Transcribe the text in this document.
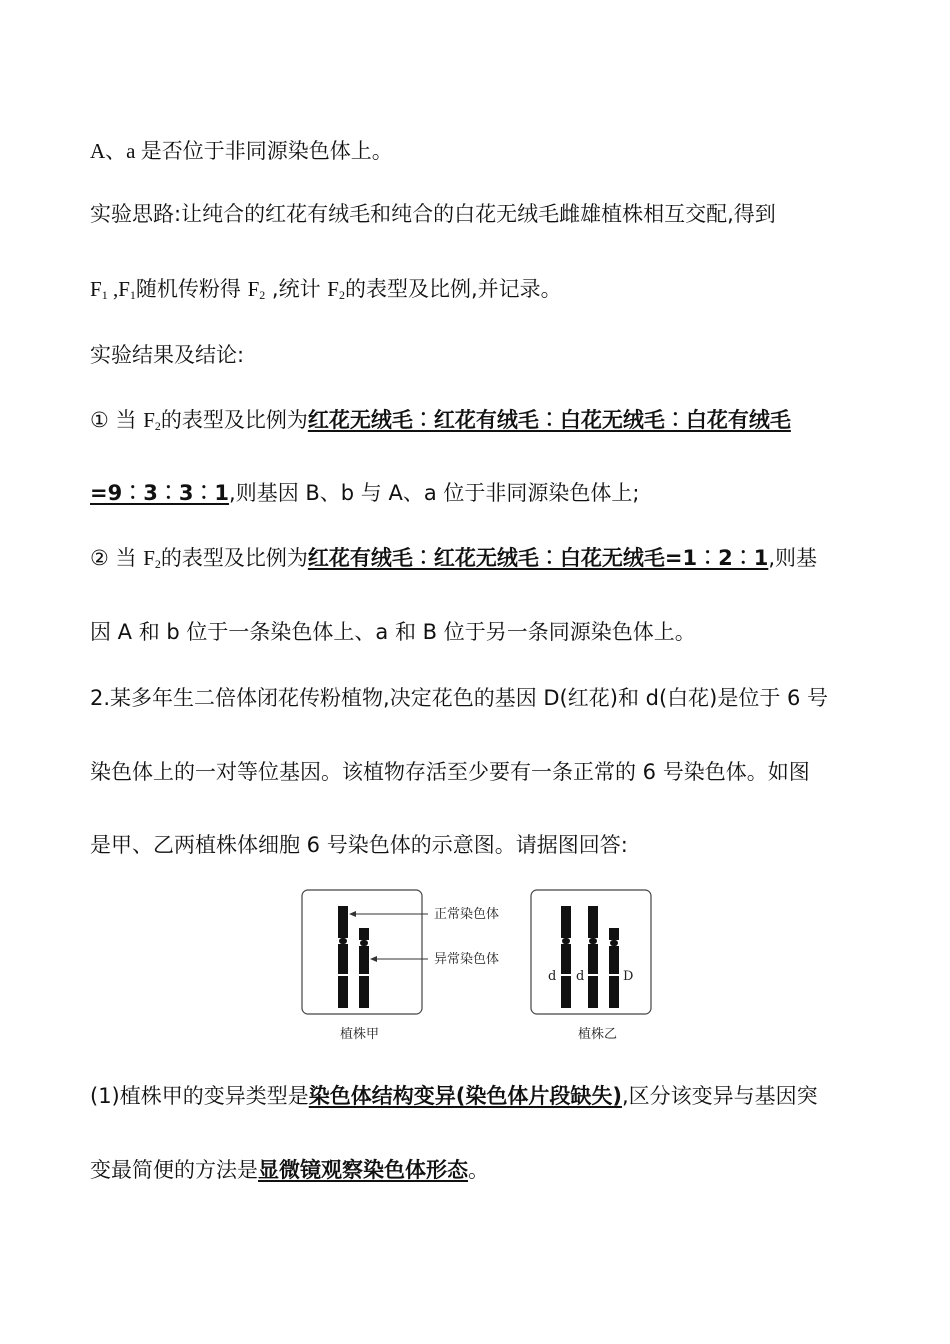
A、a 是否位于非同源染色体上。
实验思路:让纯合的红花有绒毛和纯合的白花无绒毛雌雄植株相互交配,得到
$F_1$ $,F_1$随机传粉得 $F_2$ ,统计 $F_2$的表型及比例,并记录。
实验结果及结论:
① 当 $F_2$的表型及比例为红花无绒毛︰红花有绒毛︰白花无绒毛︰白花有绒毛
=9︰3︰3︰1,则基因 B、b 与 A、a 位于非同源染色体上;
② 当 $F_2$的表型及比例为红花有绒毛︰红花无绒毛︰白花无绒毛=1︰2︰1,则基
因 A 和 b 位于一条染色体上、a 和 B 位于另一条同源染色体上。
2.某多年生二倍体闭花传粉植物,决定花色的基因 D(红花)和 d(白花)是位于 6 号
染色体上的一对等位基因。该植物存活至少要有一条正常的 6 号染色体。如图
是甲、乙两植株体细胞 6 号染色体的示意图。请据图回答:
正常染色体
异常染色体
植株甲
d d	D
植株乙
(1)植株甲的变异类型是染色体结构变异(染色体片段缺失),区分该变异与基因突
变最简便的方法是显微镜观察染色体形态。
